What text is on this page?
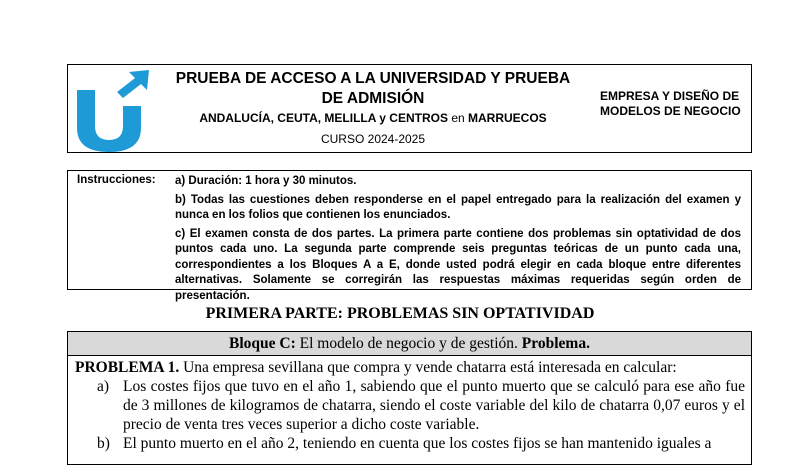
PRUEBA DE ACCESO A LA UNIVERSIDAD Y PRUEBA DE ADMISIÓN
ANDALUCÍA, CEUTA, MELILLA y CENTROS en MARRUECOS
CURSO 2024-2025
EMPRESA Y DISEÑO DE
MODELOS DE NEGOCIO
Instrucciones: a) Duración: 1 hora y 30 minutos.

b) Todas las cuestiones deben responderse en el papel entregado para la realización del examen y nunca en los folios que contienen los enunciados.

c) El examen consta de dos partes. La primera parte contiene dos problemas sin optatividad de dos puntos cada uno. La segunda parte comprende seis preguntas teóricas de un punto cada una, correspondientes a los Bloques A a E, donde usted podrá elegir en cada bloque entre diferentes alternativas. Solamente se corregirán las respuestas máximas requeridas según orden de presentación.

PRIMERA PARTE: PROBLEMAS SIN OPTATIVIDAD
Bloque C: El modelo de negocio y de gestión. Problema.

PROBLEMA 1. Una empresa sevillana que compra y vende chatarra está interesada en calcular:

a) Los costes fijos que tuvo en el año 1, sabiendo que el punto muerto que se calculó para ese año fue de 3 millones de kilogramos de chatarra, siendo el coste variable del kilo de chatarra 0,07 euros y el precio de venta tres veces superior a dicho coste variable.
b) El punto muerto en el año 2, teniendo en cuenta que los costes fijos se han mantenido iguales a
